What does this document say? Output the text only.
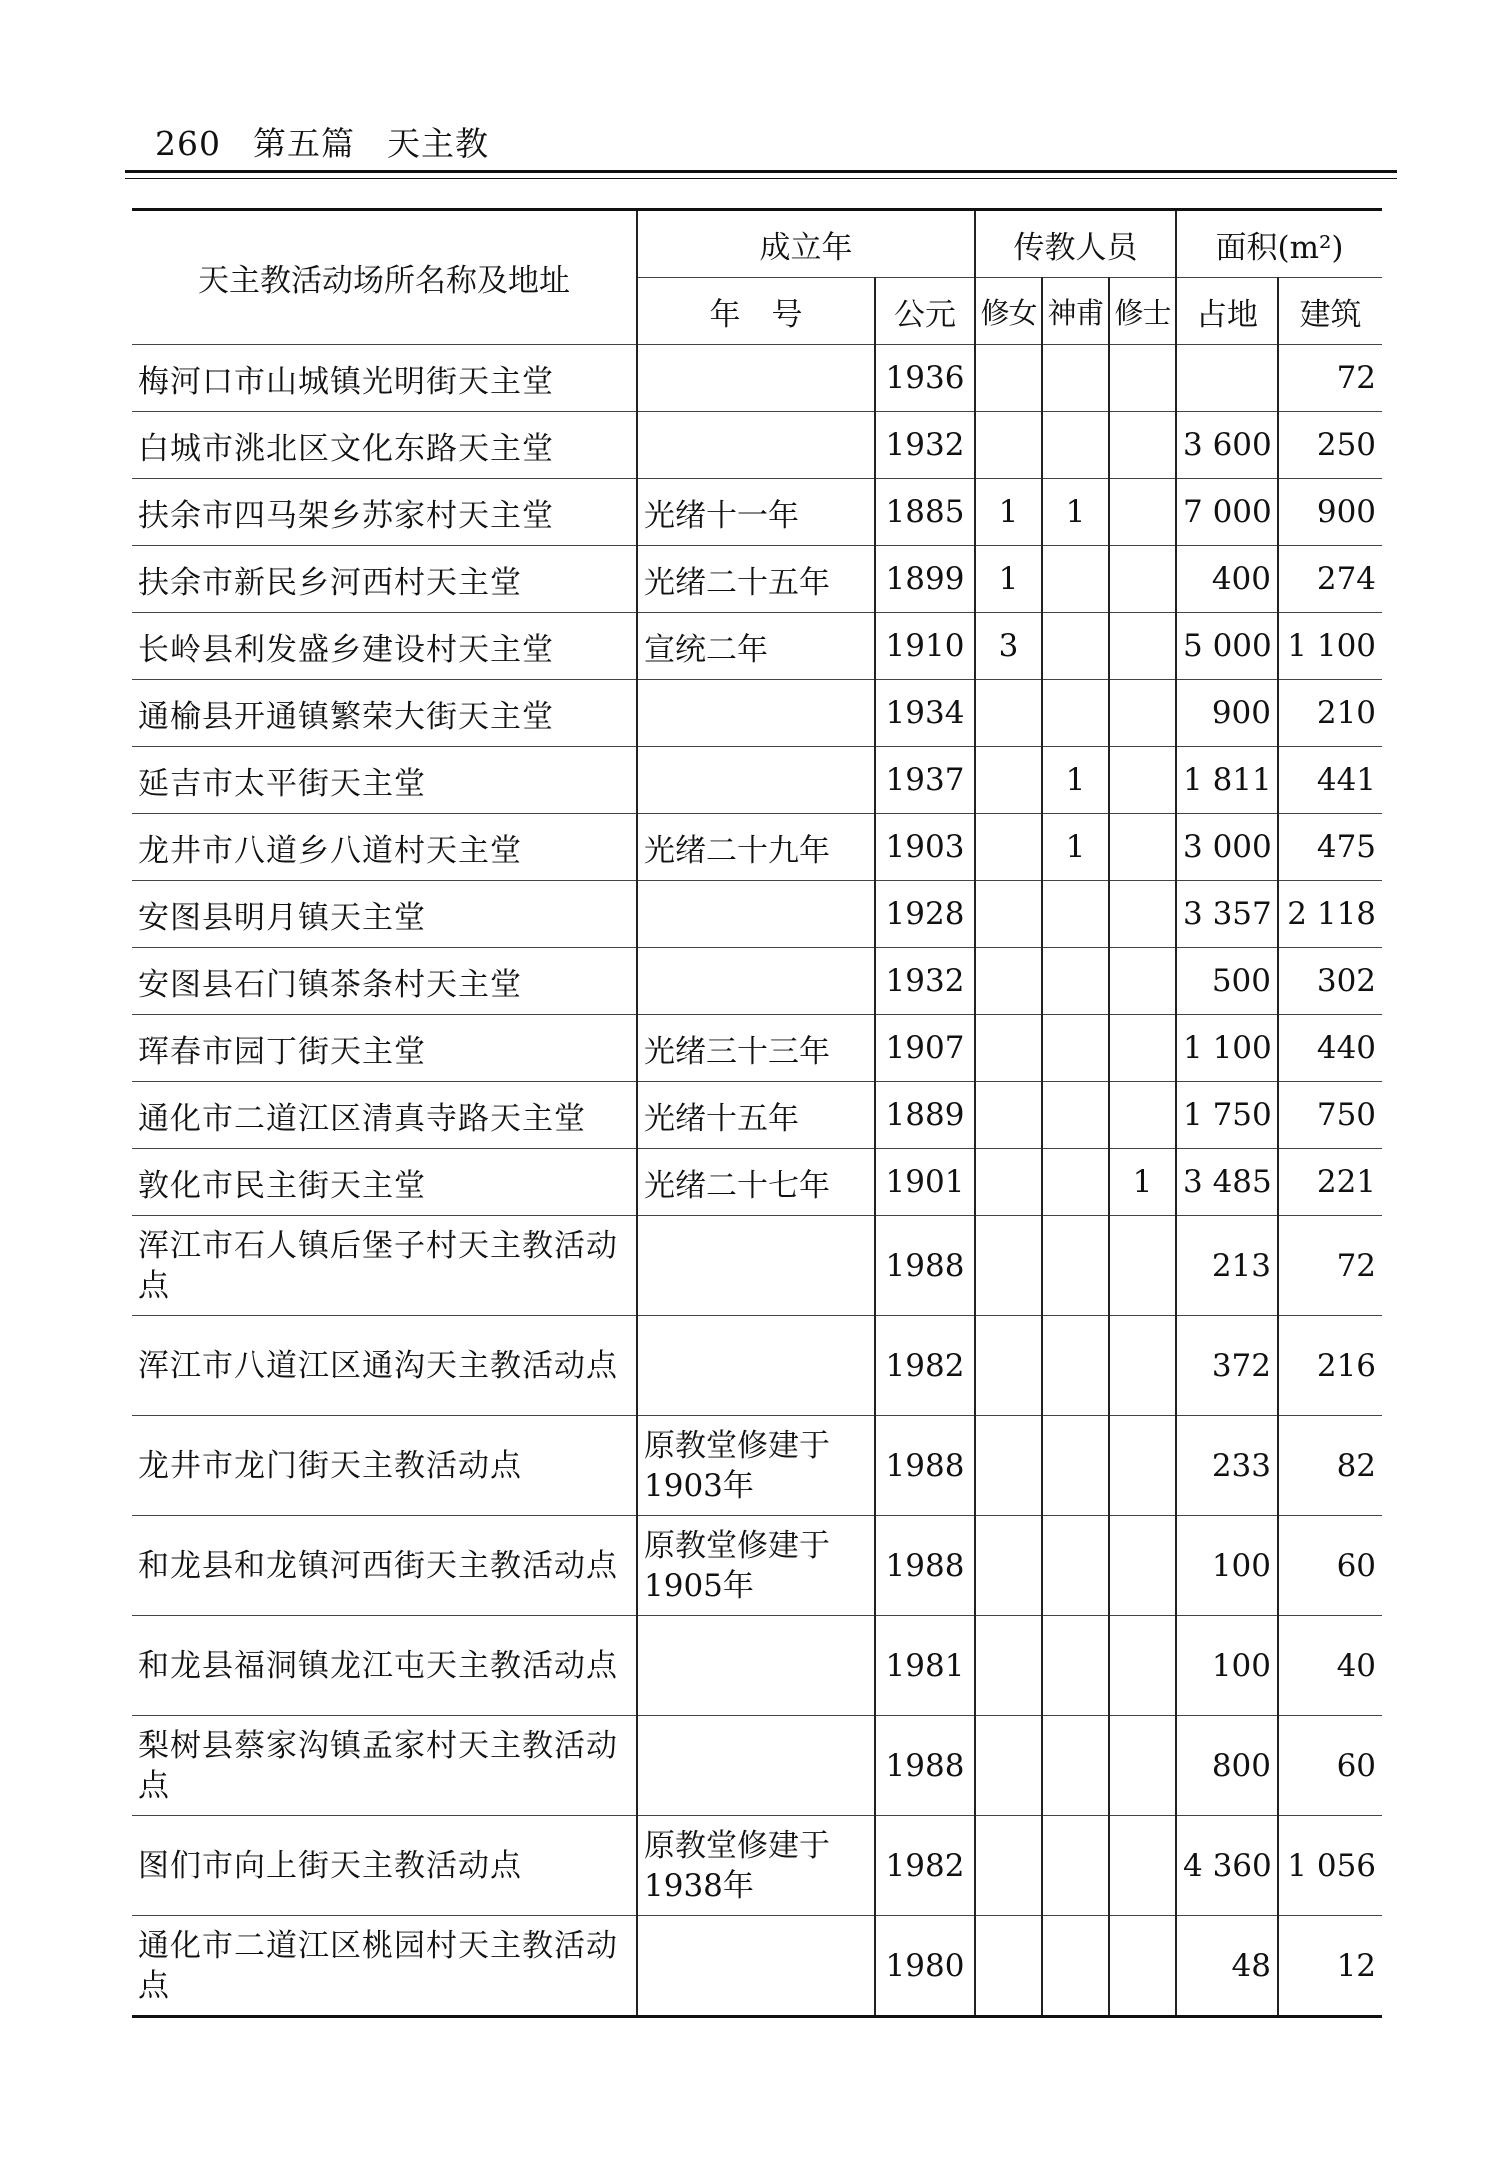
260 第五篇 天主教
天主教活动场所名称及地址	成立年		传教人员			面积(m²)	
	年　号	公元	修女	神甫	修士	占地	建筑
梅河口市山城镇光明街天主堂		1936					72
白城市洮北区文化东路天主堂		1932				3 600	250
扶余市四马架乡苏家村天主堂	光绪十一年	1885	1	1		7 000	900
扶余市新民乡河西村天主堂	光绪二十五年	1899	1			400	274
长岭县利发盛乡建设村天主堂	宣统二年	1910	3			5 000	1 100
通榆县开通镇繁荣大街天主堂		1934				900	210
延吉市太平街天主堂		1937		1		1 811	441
龙井市八道乡八道村天主堂	光绪二十九年	1903		1		3 000	475
安图县明月镇天主堂		1928				3 357	2 118
安图县石门镇茶条村天主堂		1932				500	302
珲春市园丁街天主堂	光绪三十三年	1907				1 100	440
通化市二道江区清真寺路天主堂	光绪十五年	1889				1 750	750
敦化市民主街天主堂	光绪二十七年	1901			1	3 485	221
浑江市石人镇后堡子村天主教活动点		1988				213	72
浑江市八道江区通沟天主教活动点		1982				372	216
龙井市龙门街天主教活动点	原教堂修建于1903年	1988				233	82
和龙县和龙镇河西街天主教活动点	原教堂修建于1905年	1988				100	60
和龙县福洞镇龙江屯天主教活动点		1981				100	40
梨树县蔡家沟镇孟家村天主教活动点		1988				800	60
图们市向上街天主教活动点	原教堂修建于1938年	1982				4 360	1 056
通化市二道江区桃园村天主教活动点		1980				48	12
